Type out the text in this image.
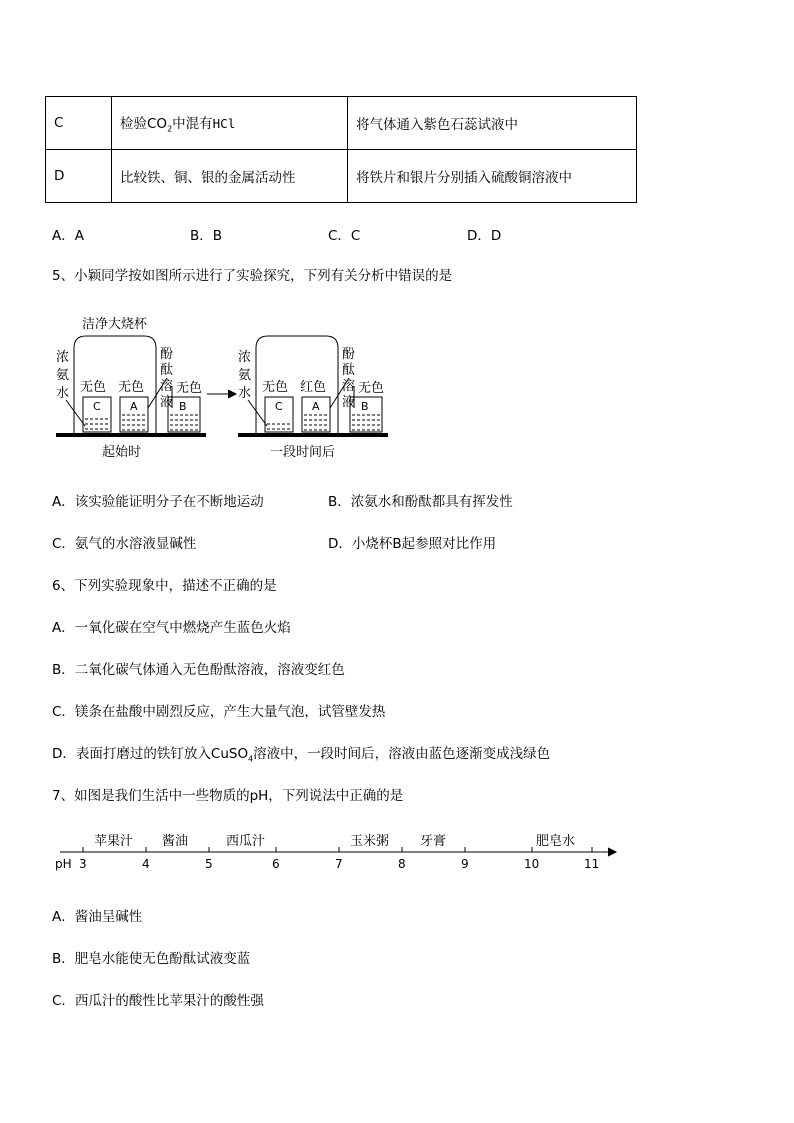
C	检验$CO_2$中混有HCl	将气体通入紫色石蕊试液中
D	比较铁、铜、银的金属活动性	将铁片和银片分别插入硫酸铜溶液中
A．A	B．B	C．C	D．D
5、小颖同学按如图所示进行了实验探究，下列有关分析中错误的是
洁净大烧杯
浓
氨
水 无色 无色 无色
酚
酞
溶
液
C	A	B
起始时
浓
氨
水 无色 红色 无色
酚
酞
溶
液
C	A	B
一段时间后
A．该实验能证明分子在不断地运动	B．浓氨水和酚酞都具有挥发性
C．氨气的水溶液显碱性	D．小烧杯B起参照对比作用
6、下列实验现象中，描述不正确的是
A．一氧化碳在空气中燃烧产生蓝色火焰
B．二氧化碳气体通入无色酚酞溶液，溶液变红色
C．镁条在盐酸中剧烈反应，产生大量气泡，试管壁发热
D．表面打磨过的铁钉放入CuSO$_4$溶液中，一段时间后，溶液由蓝色逐渐变成浅绿色
7、如图是我们生活中一些物质的pH，下列说法中正确的是
pH 3	4	5	6	7	8	9	10	11
苹果汁 酱油	西瓜汁	玉米粥 牙膏	肥皂水
A．酱油呈碱性
B．肥皂水能使无色酚酞试液变蓝
C．西瓜汁的酸性比苹果汁的酸性强
